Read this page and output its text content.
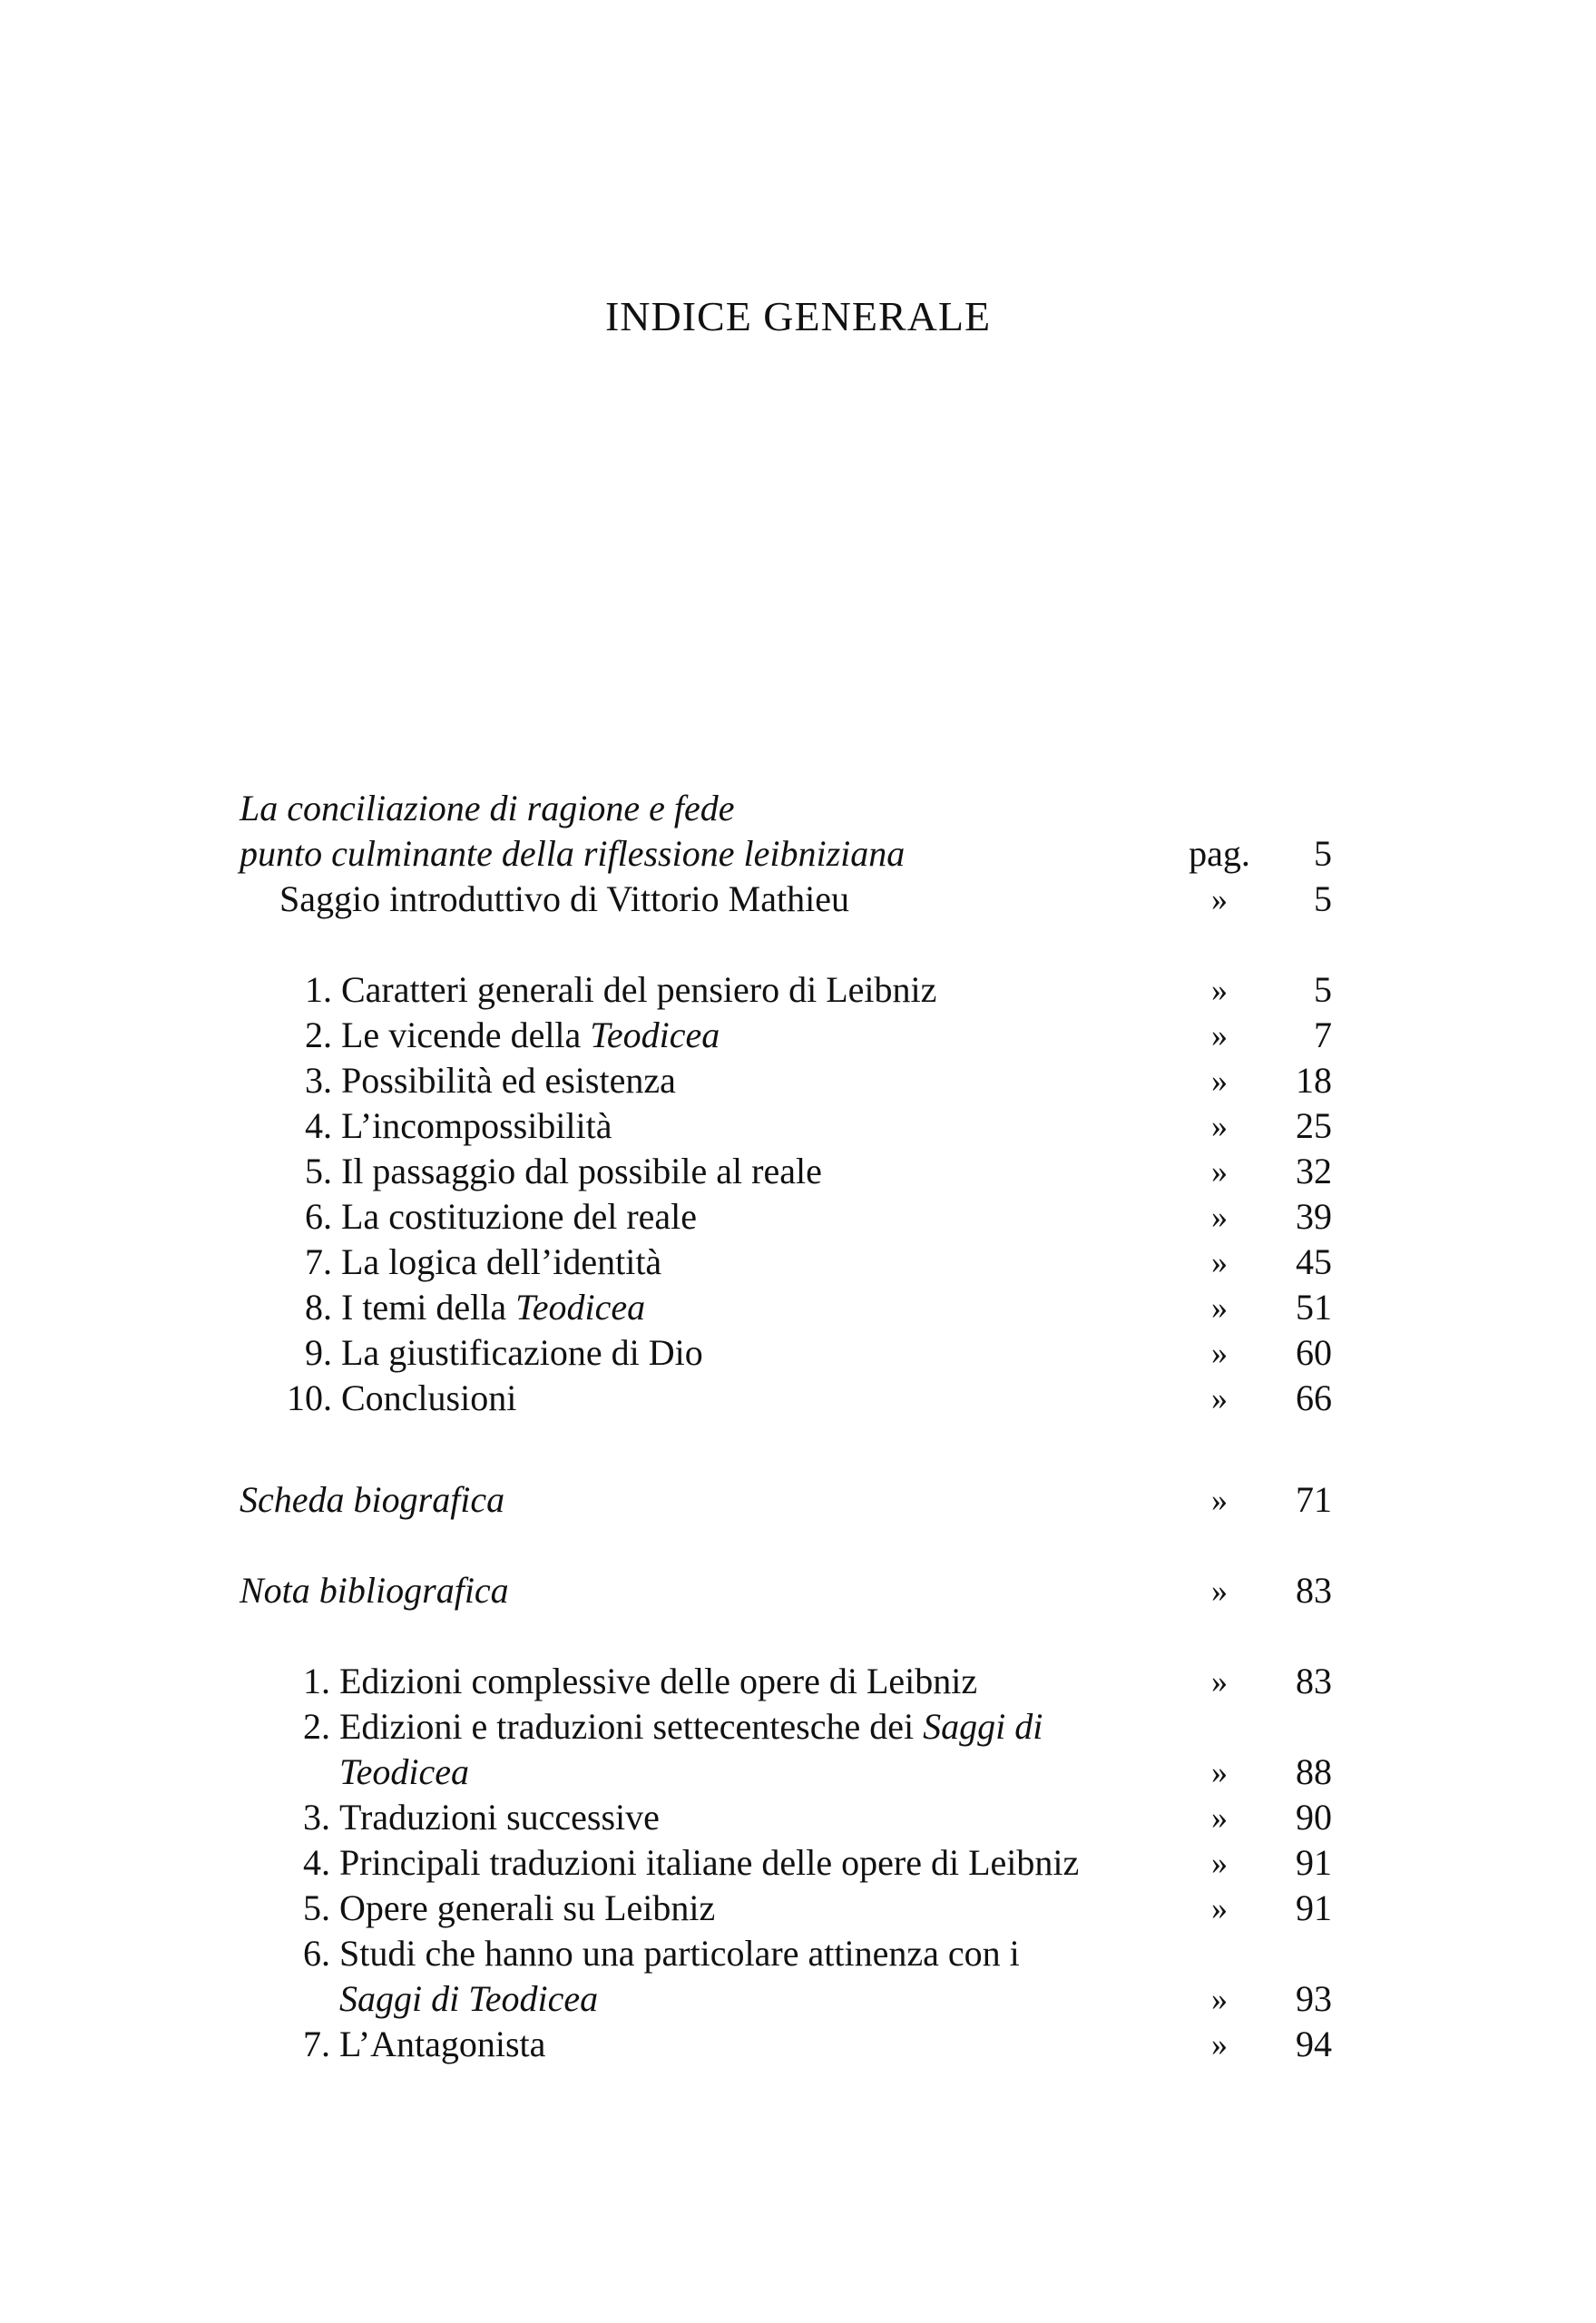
INDICE GENERALE
La conciliazione di ragione e fede
punto culminante della riflessione leibniziana	pag.	5
Saggio introduttivo di Vittorio Mathieu	»	5
1. Caratteri generali del pensiero di Leibniz	»	5
2. Le vicende della Teodicea	»	7
3. Possibilità ed esistenza	»	18
4. L’incompossibilità	»	25
5. Il passaggio dal possibile al reale	»	32
6. La costituzione del reale	»	39
7. La logica dell’identità	»	45
8. I temi della Teodicea	»	51
9. La giustificazione di Dio	»	60
10. Conclusioni	»	66
Scheda biografica	»	71
Nota bibliografica	»	83
1. Edizioni complessive delle opere di Leibniz	»	83
2. Edizioni e traduzioni settecentesche dei Saggi di
Teodicea	»	88
3. Traduzioni successive	»	90
4. Principali traduzioni italiane delle opere di Leibniz	»	91
5. Opere generali su Leibniz	»	91
6. Studi che hanno una particolare attinenza con i
Saggi di Teodicea	»	93
7. L’Antagonista	»	94
